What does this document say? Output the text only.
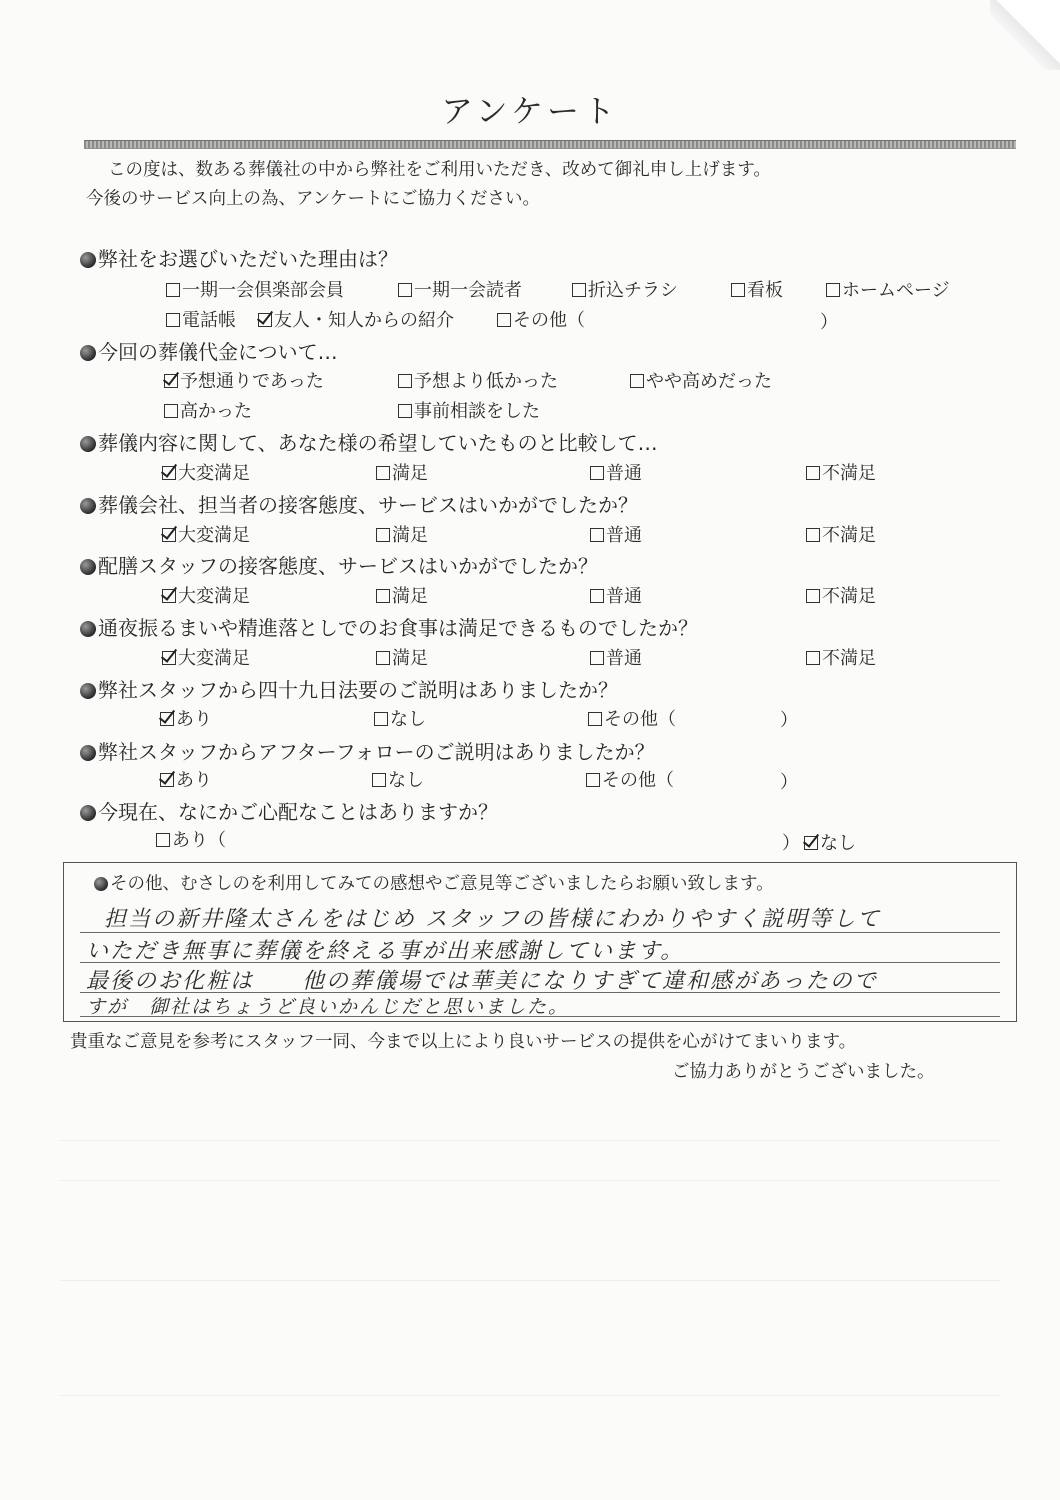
アンケート
この度は、数ある葬儀社の中から弊社をご利用いただき、改めて御礼申し上げます。
今後のサービス向上の為、アンケートにご協力ください。
弊社をお選びいただいた理由は？
一期一会倶楽部会員	一期一会読者	折込チラシ	看板	ホームページ
電話帳	友人・知人からの紹介	その他（	）
今回の葬儀代金について…
予想通りであった	予想より低かった	やや高めだった
高かった	事前相談をした
葬儀内容に関して、あなた様の希望していたものと比較して…
大変満足	満足	普通	不満足
葬儀会社、担当者の接客態度、サービスはいかがでしたか？
大変満足	満足	普通	不満足
配膳スタッフの接客態度、サービスはいかがでしたか？
大変満足	満足	普通	不満足
通夜振るまいや精進落としでのお食事は満足できるものでしたか？
大変満足	満足	普通	不満足
弊社スタッフから四十九日法要のご説明はありましたか？
あり	なし	その他（	）
弊社スタッフからアフターフォローのご説明はありましたか？
あり	なし	その他（	）
今現在、なにかご心配なことはありますか？
あり（	）	なし
その他、むさしのを利用してみての感想やご意見等ございましたらお願い致します。
担当の新井隆太さんをはじめ スタッフの皆様にわかりやすく説明等して
いただき無事に葬儀を終える事が出来感謝しています。
最後のお化粧は　　他の葬儀場では華美になりすぎて違和感があったので
すが　御社はちょうど良いかんじだと思いました。
貴重なご意見を参考にスタッフ一同、今まで以上により良いサービスの提供を心がけてまいります。
ご協力ありがとうございました。
